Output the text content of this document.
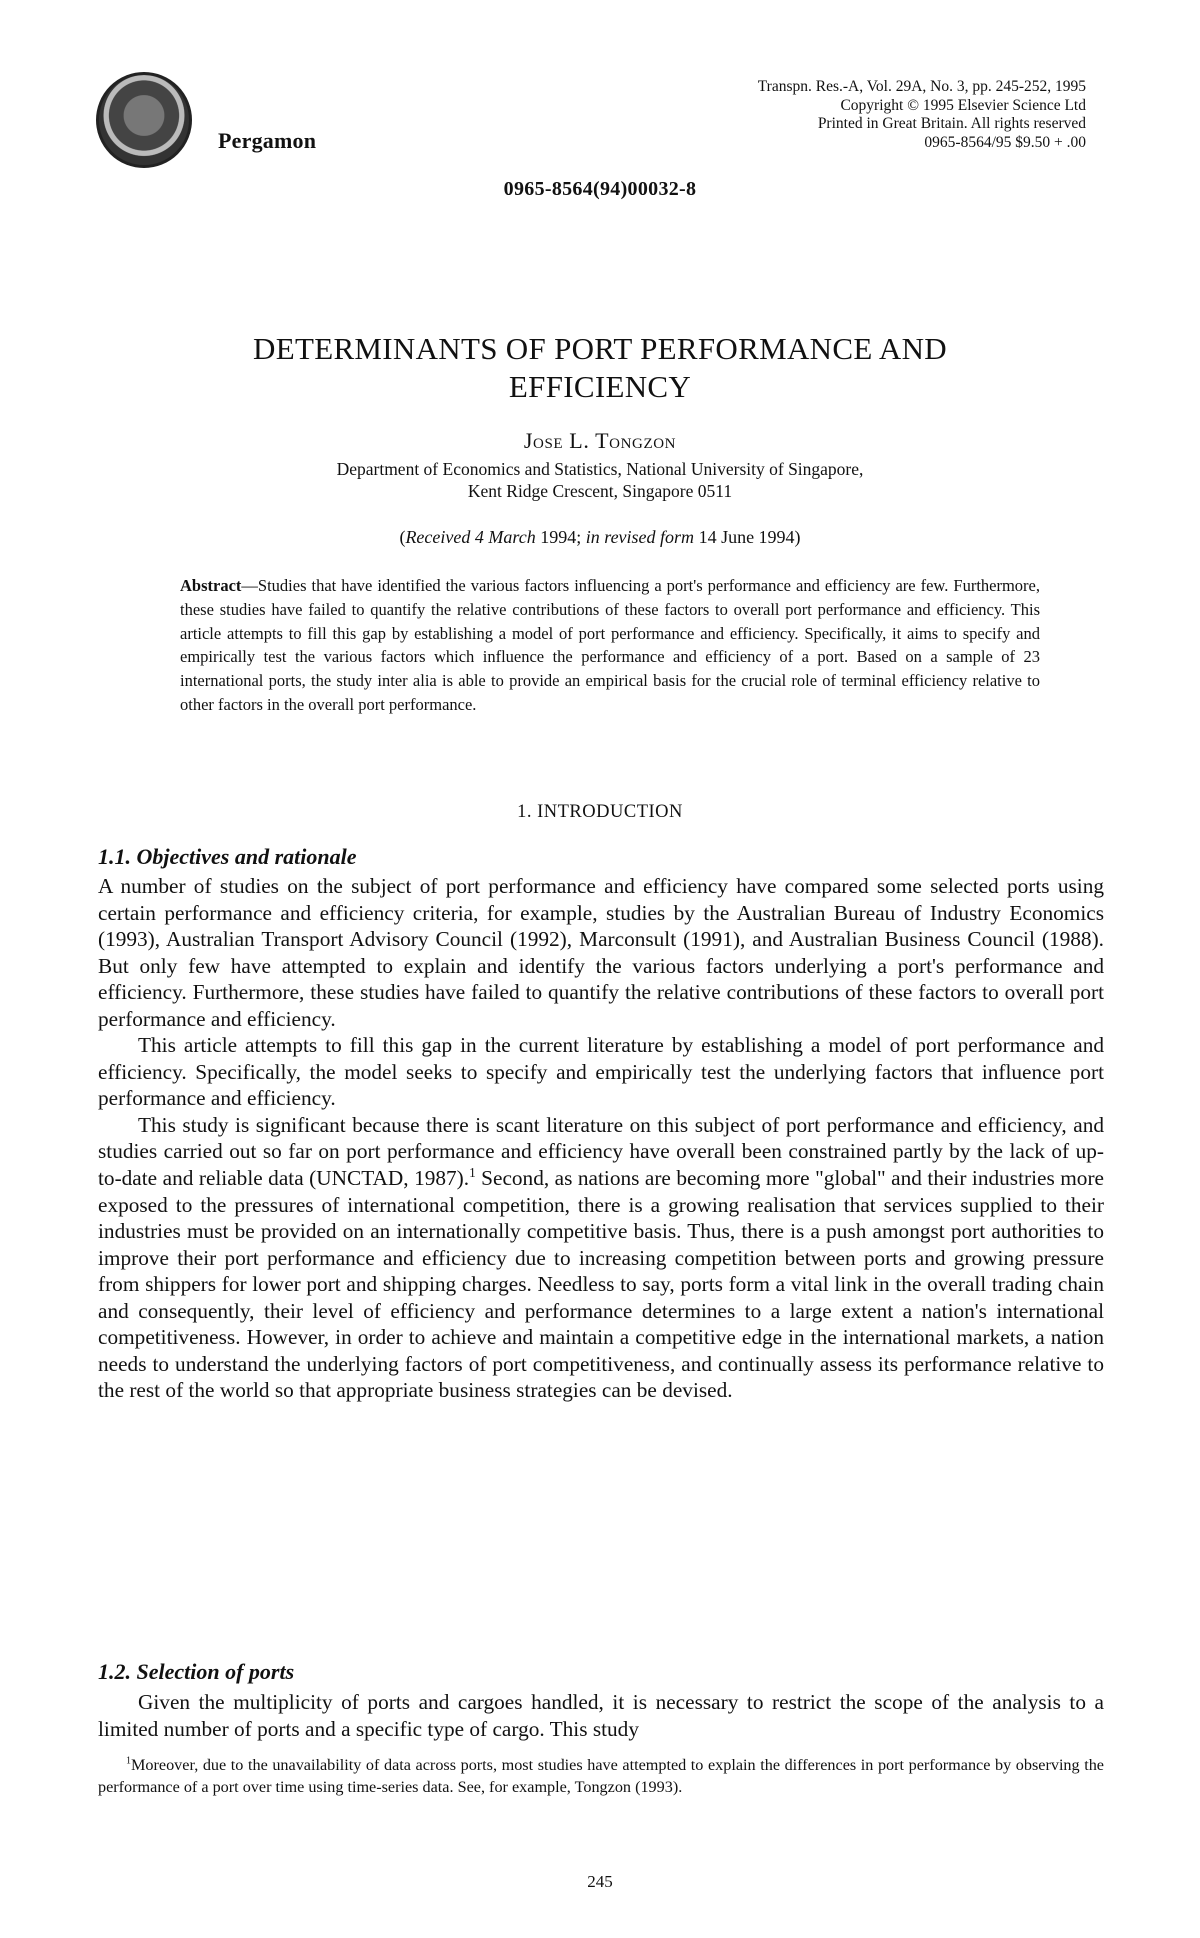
Pergamon
Transpn. Res.-A, Vol. 29A, No. 3, pp. 245-252, 1995
Copyright © 1995 Elsevier Science Ltd
Printed in Great Britain. All rights reserved
0965-8564/95 $9.50 + .00
0965-8564(94)00032-8
DETERMINANTS OF PORT PERFORMANCE AND
EFFICIENCY
Jose L. Tongzon
Department of Economics and Statistics, National University of Singapore,
Kent Ridge Crescent, Singapore 0511
(Received 4 March 1994; in revised form 14 June 1994)
Abstract—Studies that have identified the various factors influencing a port's performance and efficiency are few. Furthermore, these studies have failed to quantify the relative contributions of these factors to overall port performance and efficiency. This article attempts to fill this gap by establishing a model of port performance and efficiency. Specifically, it aims to specify and empirically test the various factors which influence the performance and efficiency of a port. Based on a sample of 23 international ports, the study inter alia is able to provide an empirical basis for the crucial role of terminal efficiency relative to other factors in the overall port performance.
1. INTRODUCTION
1.1. Objectives and rationale

A number of studies on the subject of port performance and efficiency have compared some selected ports using certain performance and efficiency criteria, for example, studies by the Australian Bureau of Industry Economics (1993), Australian Transport Advisory Council (1992), Marconsult (1991), and Australian Business Council (1988). But only few have attempted to explain and identify the various factors underlying a port's performance and efficiency. Furthermore, these studies have failed to quantify the relative contributions of these factors to overall port performance and efficiency.

This article attempts to fill this gap in the current literature by establishing a model of port performance and efficiency. Specifically, the model seeks to specify and empirically test the underlying factors that influence port performance and efficiency.

This study is significant because there is scant literature on this subject of port performance and efficiency, and studies carried out so far on port performance and efficiency have overall been constrained partly by the lack of up-to-date and reliable data (UNCTAD, 1987).$^1$ Second, as nations are becoming more "global" and their industries more exposed to the pressures of international competition, there is a growing realisation that services supplied to their industries must be provided on an internationally competitive basis. Thus, there is a push amongst port authorities to improve their port performance and efficiency due to increasing competition between ports and growing pressure from shippers for lower port and shipping charges. Needless to say, ports form a vital link in the overall trading chain and consequently, their level of efficiency and performance determines to a large extent a nation's international competitiveness. However, in order to achieve and maintain a competitive edge in the international markets, a nation needs to understand the underlying factors of port competitiveness, and continually assess its performance relative to the rest of the world so that appropriate business strategies can be devised.

1.2. Selection of ports

Given the multiplicity of ports and cargoes handled, it is necessary to restrict the scope of the analysis to a limited number of ports and a specific type of cargo. This study

$^1$Moreover, due to the unavailability of data across ports, most studies have attempted to explain the differences in port performance by observing the performance of a port over time using time-series data. See, for example, Tongzon (1993).

245
